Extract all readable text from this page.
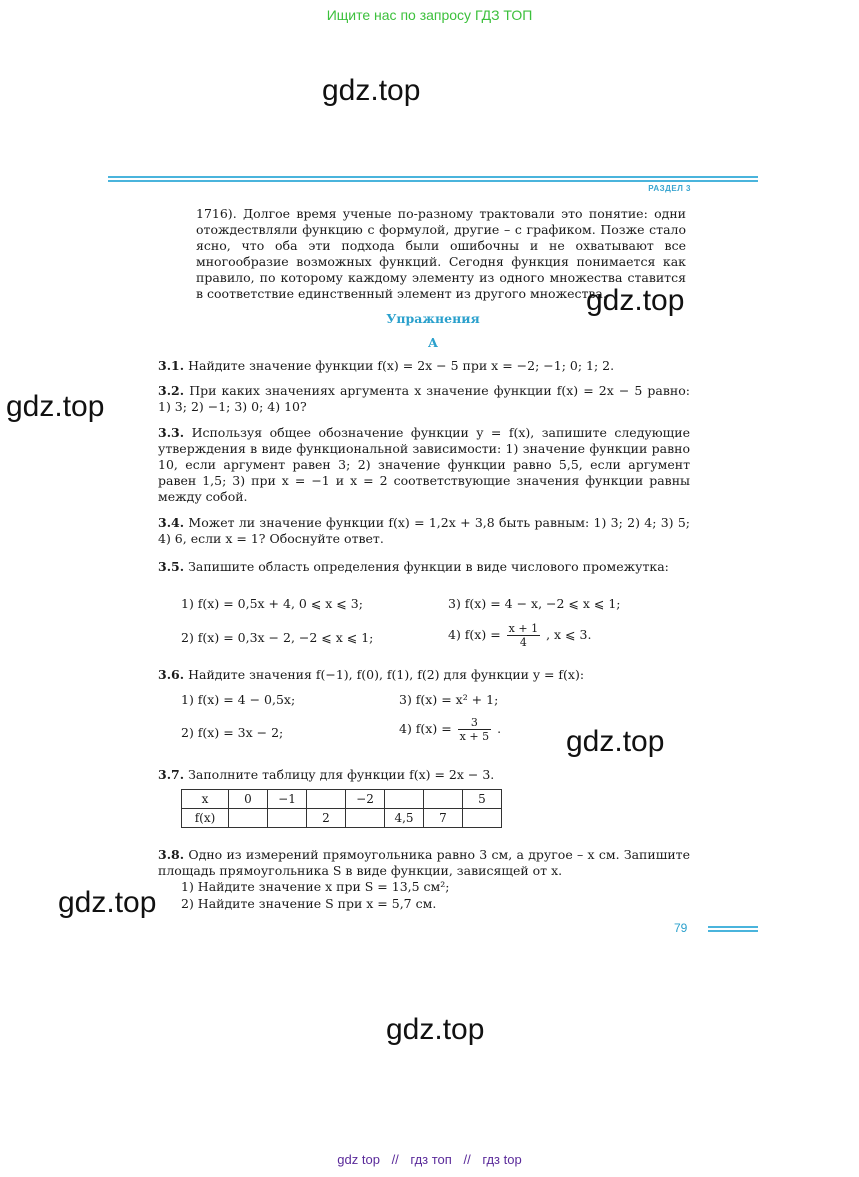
Ищите нас по запросу ГДЗ ТОП
gdz.top
РАЗДЕЛ 3
1716). Долгое время ученые по-разному трактовали это понятие: одни отождествляли функцию с формулой, другие – с графиком. Позже стало ясно, что оба эти подхода были ошибочны и не охватывают все многообразие возможных функций. Сегодня функция понимается как правило, по которому каждому элементу из одного множества ставится в соответствие единственный элемент из другого множества.
gdz.top
Упражнения
А
3.1. Найдите значение функции f(x) = 2x − 5 при x = −2; −1; 0; 1; 2.
gdz.top	3.2. При каких значениях аргумента x значение функции f(x) = 2x − 5 равно: 1) 3; 2) −1; 3) 0; 4) 10?
3.3. Используя общее обозначение функции y = f(x), запишите следующие утверждения в виде функциональной зависимости: 1) значение функции равно 10, если аргумент равен 3; 2) значение функции равно 5,5, если аргумент равен 1,5; 3) при x = −1 и x = 2 соответствующие значения функции равны между собой.
3.4. Может ли значение функции f(x) = 1,2x + 3,8 быть равным: 1) 3; 2) 4; 3) 5; 4) 6, если x = 1? Обоснуйте ответ.
3.5. Запишите область определения функции в виде числового промежутка:
1) f(x) = 0,5x + 4, 0 ⩽ x ⩽ 3;	3) f(x) = 4 − x, −2 ⩽ x ⩽ 1;
2) f(x) = 0,3x − 2, −2 ⩽ x ⩽ 1;	4) $f(x) = \frac{x + 1}{4}$ , x ⩽ 3.
3.6. Найдите значения f(−1), f(0), f(1), f(2) для функции y = f(x):
1) f(x) = 4 − 0,5x;	3) f(x) = x² + 1;
2) f(x) = 3x − 2;	4) $f(x) = \frac{3}{x + 5}$ . gdz.top
3.7. Заполните таблицу для функции f(x) = 2x − 3.
x	0	−1		−2			5
f(x)			2		4,5	7	
3.8. Одно из измерений прямоугольника равно 3 см, а другое – x см. Запишите площадь прямоугольника S в виде функции, зависящей от x.
1) Найдите значение x при S = 13,5 см²;
2) Найдите значение S при x = 5,7 см.
gdz.top
79
gdz.top
gdz top // гдз топ // гдз top
